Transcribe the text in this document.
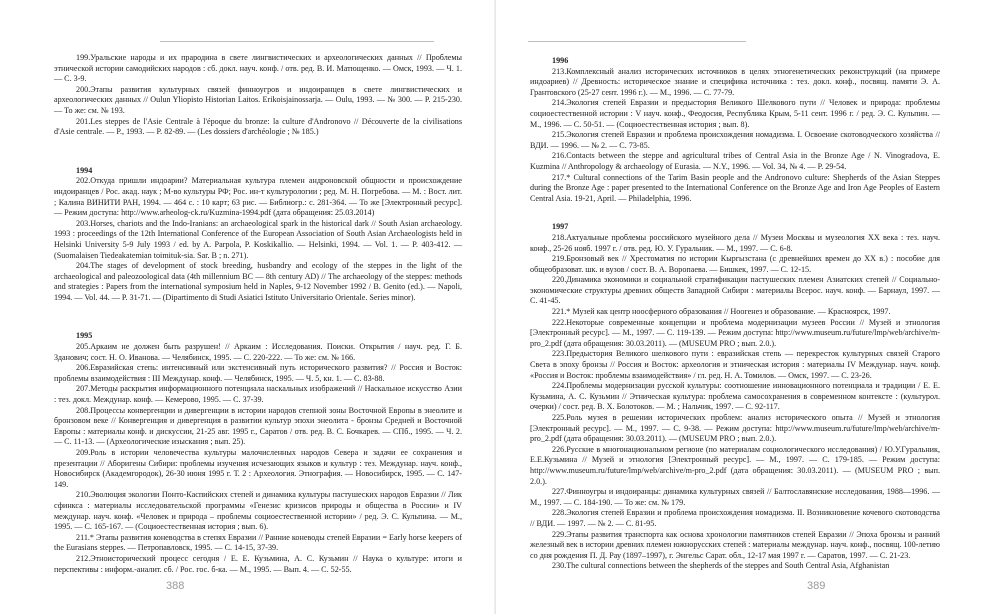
199.Уральские народы и их прародина в свете лингвистических и археологических данных // Проблемы этнической истории самодийских народов : сб. докл. науч. конф. / отв. ред. В. И. Матющенко. — Омск, 1993. — Ч. 1. — С. 3-9.

200.Этапы развития культурных связей финноугров и индоиранцев в свете лингвистических и археологических данных // Oulun Yliopisto Historian Laitos. Erikoisjainossarja. — Oulu, 1993. — № 300. — P. 215-230. — То же: см. № 193.

201.Les steppes de l'Asie Centrale à l'époque du bronze: la culture d'Andronovo // Découverte de la civilisations d'Asie centrale. — P., 1993. — P. 82-89. — (Les dossiers d'archéologie ; № 185.)

1994

202.Откуда пришли индоарии? Материальная культура племен андроновской общности и происхождение индоиранцев / Рос. акад. наук ; М-во культуры РФ; Рос. ин-т культурологии ; ред. М. Н. Погребова. — М. : Вост. лит. ; Калина ВИНИТИ РАН, 1994. — 464 с. : 10 карт; 63 рис. — Библиогр.: с. 281-364. — То же [Электронный ресурс]. — Режим доступа: http://www.arheolog-ck.ru/Kuzmina-1994.pdf (дата обращения: 25.03.2014)

203.Horses, chariots and the Indo-Iranians: an archaeological spark in the historical dark // South Asian archaeology. 1993 : proceedings of the 12th International Conference of the European Association of South Asian Archaeologists held in Helsinki University 5-9 July 1993 / ed. by A. Parpola, P. Koskikallio. — Helsinki, 1994. — Vol. 1. — P. 403-412. — (Suomalaisen Tiedeakatemian toimituk-sia. Sar. B ; n. 271).

204.The stages of development of stock breeding, husbandry and ecology of the steppes in the light of the archaeological and paleozoological data (4th millennium BC — 8th century AD) // The archaeology of the steppes: methods and strategies : Papers from the international symposium held in Naples, 9-12 November 1992 / B. Genito (ed.). — Napoli, 1994. — Vol. 44. — P. 31-71. — (Dipartimento di Studi Asiatici Istituto Universitario Orientale. Series minor).

1995

205.Аркаим не должен быть разрушен! // Аркаим : Исследования. Поиски. Открытия / науч. ред. Г. Б. Зданович; сост. Н. О. Иванова. — Челябинск, 1995. — С. 220-222. — То же: см. № 166.

206.Евразийская степь: интенсивный или экстенсивный путь исторического развития? // Россия и Восток: проблемы взаимодействия : III Междунар. конф. — Челябинск, 1995. — Ч. 5, кн. 1. — С. 83-88.

207.Методы раскрытия информационного потенциала наскальных изображений // Наскальное искусство Азии : тез. докл. Междунар. конф. — Кемерово, 1995. — С. 37-39.

208.Процессы конвергенции и дивергенции в истории народов степной зоны Восточной Европы в энеолите и бронзовом веке // Конвергенция и дивергенция в развитии культур эпохи энеолита - бронзы Средней и Восточной Европы : материалы конф. и дискуссии, 21-25 авг. 1995 г., Саратов / отв. ред. В. С. Бочкарев. — СПб., 1995. — Ч. 2. — С. 11-13. — (Археологические изыскания ; вып. 25).

209.Роль в истории человечества культуры малочисленных народов Севера и задачи ее сохранения и презентации // Аборигены Сибири: проблемы изучения исчезающих языков и культур : тез. Междунар. науч. конф., Новосибирск (Академгородок), 26-30 июня 1995 г. Т. 2 : Археология. Этнография. — Новосибирск, 1995. — С. 147-149.

210.Эволюция экологии Понто-Каспийских степей и динамика культуры пастушеских народов Евразии // Лик сфинкса : материалы исследовательской программы «Генезис кризисов природы и общества в России» и IV междунар. науч. конф. «Человек и природа – проблемы социоестественной истории» / ред. Э. С. Кульпина. — М., 1995. — С. 165-167. — (Социоестественная история ; вып. 6).

211.* Этапы развития коневодства в степях Евразии // Ранние коневоды степей Евразии = Early horse keepers of the Eurasians steppes. — Петропавловск, 1995. — С. 14-15, 37-39.

212.Этноисторический процесс сегодня / Е. Е. Кузьмина, А. С. Кузьмин // Наука о культуре: итоги и перспективы : информ.-аналит. сб. / Рос. гос. б-ка. — М., 1995. — Вып. 4. — С. 52-55.

388

1996

213.Комплексный анализ исторических источников в целях этногенетических реконструкций (на примере индоариев) // Древность: историческое знание и специфика источника : тез. докл. конф., посвящ. памяти Э. А. Грантовского (25-27 сент. 1996 г.). — М., 1996. — С. 77-79.

214.Экология степей Евразии и предыстория Великого Шелкового пути // Человек и природа: проблемы социоестественной истории : V науч. конф., Феодосия, Республика Крым, 5-11 сент. 1996 г. / ред. Э. С. Кульпин. — М., 1996. — С. 50-51. — (Социоестественная история ; вып. 8).

215.Экология степей Евразии и проблема происхождения номадизма. I. Освоение скотоводческого хозяйства // ВДИ. — 1996. — № 2. — С. 73-85.

216.Contacts between the steppe and agricultural tribes of Central Asia in the Bronze Age / N. Vinogradova, E. Kuzmina // Anthropology & archaeology of Eurasia. — N.Y., 1996. — Vol. 34, № 4. — P. 29-54.

217.* Cultural connections of the Tarim Basin people and the Andronovo culture: Shepherds of the Asian Steppes during the Bronze Age : paper presented to the International Conference on the Bronze Age and Iron Age Peoples of Eastern Central Asia. 19-21, April. — Philadelphia, 1996.

1997

218.Актуальные проблемы российского музейного дела // Музеи Москвы и музеология XX века : тез. науч. конф., 25-26 нояб. 1997 г. / отв. ред. Ю. У. Гуральник. — М., 1997. — С. 6-8.

219.Бронзовый век // Хрестоматия по истории Кыргызстана (с древнейших времен до XX в.) : пособие для общеобразоват. шк. и вузов / сост. В. А. Воропаева. — Бишкек, 1997. — С. 12-15.

220.Динамика экономики и социальной стратификации пастушеских племен Азиатских степей // Социально-экономические структуры древних обществ Западной Сибири : материалы Всерос. науч. конф. — Барнаул, 1997. — С. 41-45.

221.* Музей как центр ноосферного образования // Ноогенез и образование. — Красноярск, 1997.

222.Некоторые современные концепции и проблема модернизации музеев России // Музей и этнология [Электронный ресурс]. — М., 1997. — С. 119-139. — Режим доступа: http://www.museum.ru/future/lmp/web/archive/m-pro_2.pdf (дата обращения: 30.03.2011). — (MUSEUM PRO ; вып. 2.0.).

223.Предыстория Великого шелкового пути : евразийская степь — перекресток культурных связей Старого Света в эпоху бронзы // Россия и Восток: археология и этническая история : материалы IV Междунар. науч. конф. «Россия и Восток: проблемы взаимодействия» / гл. ред. Н. А. Томилов. — Омск, 1997. — С. 23-26.

224.Проблемы модернизации русской культуры: соотношение инновационного потенциала и традиции / Е. Е. Кузьмина, А. С. Кузьмин // Этническая культура: проблема самосохранения в современном контексте : (культурол. очерки) / сост. ред. В. Х. Болотоков. — М. ; Нальчик, 1997. — С. 92-117.

225.Роль музея в решении исторических проблем: анализ исторического опыта // Музей и этнология [Электронный ресурс]. — М., 1997. — С. 9-38. — Режим доступа: http://www.museum.ru/future/lmp/web/archive/m-pro_2.pdf (дата обращения: 30.03.2011). — (MUSEUM PRO ; вып. 2.0.).

226.Русские в многонациональном регионе (по материалам социологического исследования) / Ю.У.Гуральник, Е.Е.Кузьмина // Музей и этнология [Электронный ресурс]. — М., 1997. — С. 179-185. — Режим доступа: http://www.museum.ru/future/lmp/web/archive/m-pro_2.pdf (дата обращения: 30.03.2011). — (MUSEUM PRO ; вып. 2.0.).

227.Финноугры и индоиранцы: динамика культурных связей // Балтославянские исследования, 1988—1996. — М., 1997. — С. 184-190. — То же: см. № 179.

228.Экология степей Евразии и проблема происхождения номадизма. II. Возникновение кочевого скотоводства // ВДИ. — 1997. — № 2. — С. 81-95.

229.Этапы развития транспорта как основа хронологии памятников степей Евразии // Эпоха бронзы и ранний железный век в истории древних племен южнорусских степей : материалы междунар. науч. конф., посвящ. 100-летию со дня рождения П. Д. Рау (1897–1997), г. Энгельс Сарат. обл., 12-17 мая 1997 г. — Саратов, 1997. — С. 21-23.

230.The cultural connections between the shepherds of the steppes and South Central Asia, Afghanistan

389
